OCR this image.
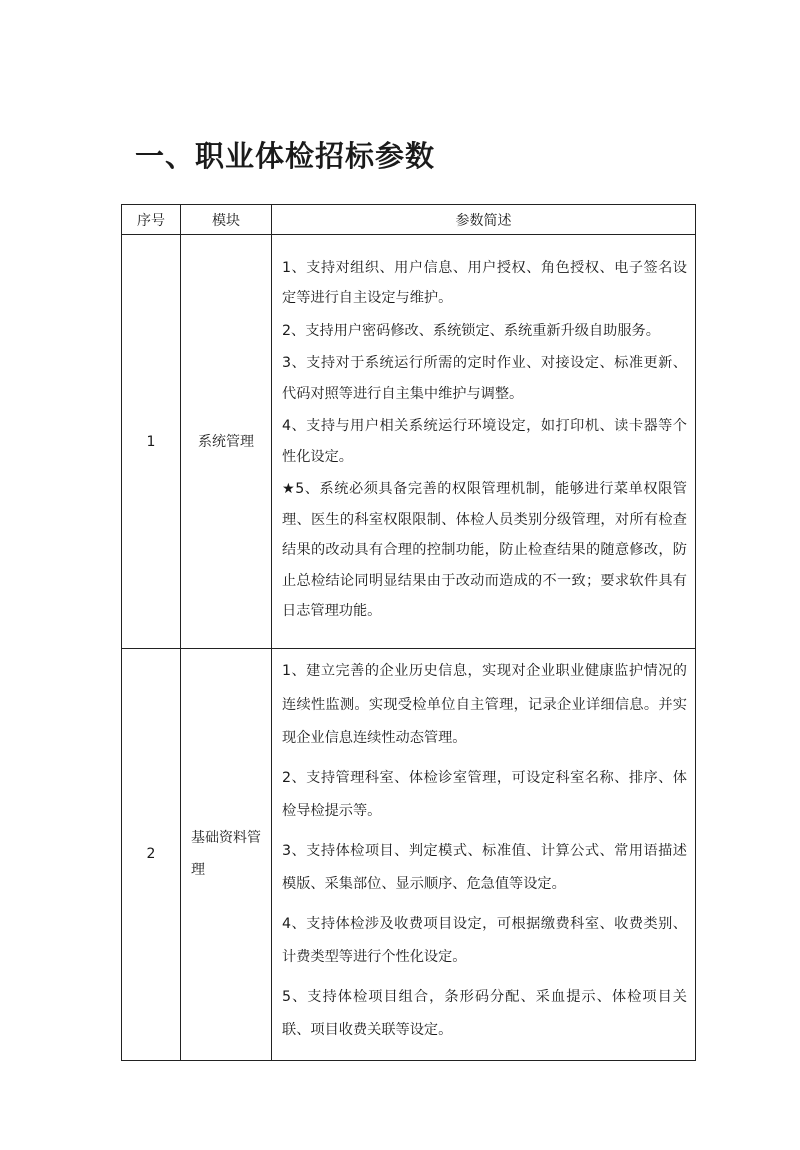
一、职业体检招标参数
序号	模块	参数简述
1	系统管理	1、支持对组织、用户信息、用户授权、角色授权、电子签名设定等进行自主设定与维护。

2、支持用户密码修改、系统锁定、系统重新升级自助服务。

3、支持对于系统运行所需的定时作业、对接设定、标准更新、代码对照等进行自主集中维护与调整。

4、支持与用户相关系统运行环境设定，如打印机、读卡器等个性化设定。

★5、系统必须具备完善的权限管理机制，能够进行菜单权限管理、医生的科室权限限制、体检人员类别分级管理，对所有检查结果的改动具有合理的控制功能，防止检查结果的随意修改，防止总检结论同明显结果由于改动而造成的不一致；要求软件具有日志管理功能。

2	基础资料管理	1、建立完善的企业历史信息，实现对企业职业健康监护情况的连续性监测。实现受检单位自主管理，记录企业详细信息。并实现企业信息连续性动态管理。

2、支持管理科室、体检诊室管理，可设定科室名称、排序、体检导检提示等。

3、支持体检项目、判定模式、标准值、计算公式、常用语描述模版、采集部位、显示顺序、危急值等设定。

4、支持体检涉及收费项目设定，可根据缴费科室、收费类别、计费类型等进行个性化设定。

5、支持体检项目组合，条形码分配、采血提示、体检项目关联、项目收费关联等设定。
